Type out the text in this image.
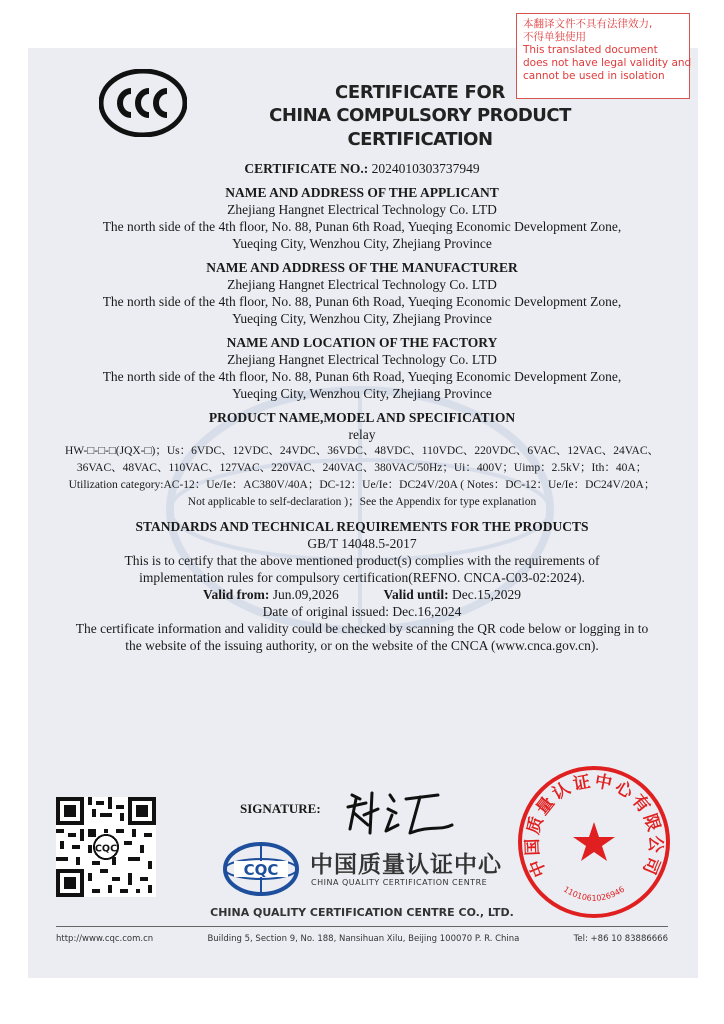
本翻译文件不具有法律效力,
不得单独使用
This translated document
does not have legal validity and
cannot be used in isolation
CERTIFICATE FOR
CHINA COMPULSORY PRODUCT CERTIFICATION
CERTIFICATE NO.: 2024010303737949
NAME AND ADDRESS OF THE APPLICANT
Zhejiang Hangnet Electrical Technology Co. LTD
The north side of the 4th floor, No. 88, Punan 6th Road, Yueqing Economic Development Zone,
Yueqing City, Wenzhou City, Zhejiang Province
NAME AND ADDRESS OF THE MANUFACTURER
Zhejiang Hangnet Electrical Technology Co. LTD
The north side of the 4th floor, No. 88, Punan 6th Road, Yueqing Economic Development Zone,
Yueqing City, Wenzhou City, Zhejiang Province
NAME AND LOCATION OF THE FACTORY
Zhejiang Hangnet Electrical Technology Co. LTD
The north side of the 4th floor, No. 88, Punan 6th Road, Yueqing Economic Development Zone,
Yueqing City, Wenzhou City, Zhejiang Province
PRODUCT NAME,MODEL AND SPECIFICATION
relay
HW-□-□-□(JQX-□)；Us：6VDC、12VDC、24VDC、36VDC、48VDC、110VDC、220VDC、6VAC、12VAC、24VAC、
36VAC、48VAC、110VAC、127VAC、220VAC、240VAC、380VAC/50Hz；Ui：400V；Uimp：2.5kV；Ith：40A；
Utilization category:AC-12：Ue/Ie：AC380V/40A；DC-12：Ue/Ie：DC24V/20A ( Notes：DC-12：Ue/Ie：DC24V/20A；
Not applicable to self-declaration )；See the Appendix for type explanation
STANDARDS AND TECHNICAL REQUIREMENTS FOR THE PRODUCTS
GB/T 14048.5-2017
This is to certify that the above mentioned product(s) complies with the requirements of
implementation rules for compulsory certification(REFNO. CNCA-C03-02:2024).
Valid from: Jun.09,2026	Valid until: Dec.15,2029
Date of original issued: Dec.16,2024
The certificate information and validity could be checked by scanning the QR code below or logging in to
the website of the issuing authority, or on the website of the CNCA (www.cnca.gov.cn).
CQC
SIGNATURE:
CQC 中国质量认证中心
CHINA QUALITY CERTIFICATION CENTRE
中国质量认证中心有限公司
1101061026946
CHINA QUALITY CERTIFICATION CENTRE CO., LTD.
http://www.cqc.com.cn	Building 5, Section 9, No. 188, Nansihuan Xilu, Beijing 100070 P. R. China	Tel: +86 10 83886666
